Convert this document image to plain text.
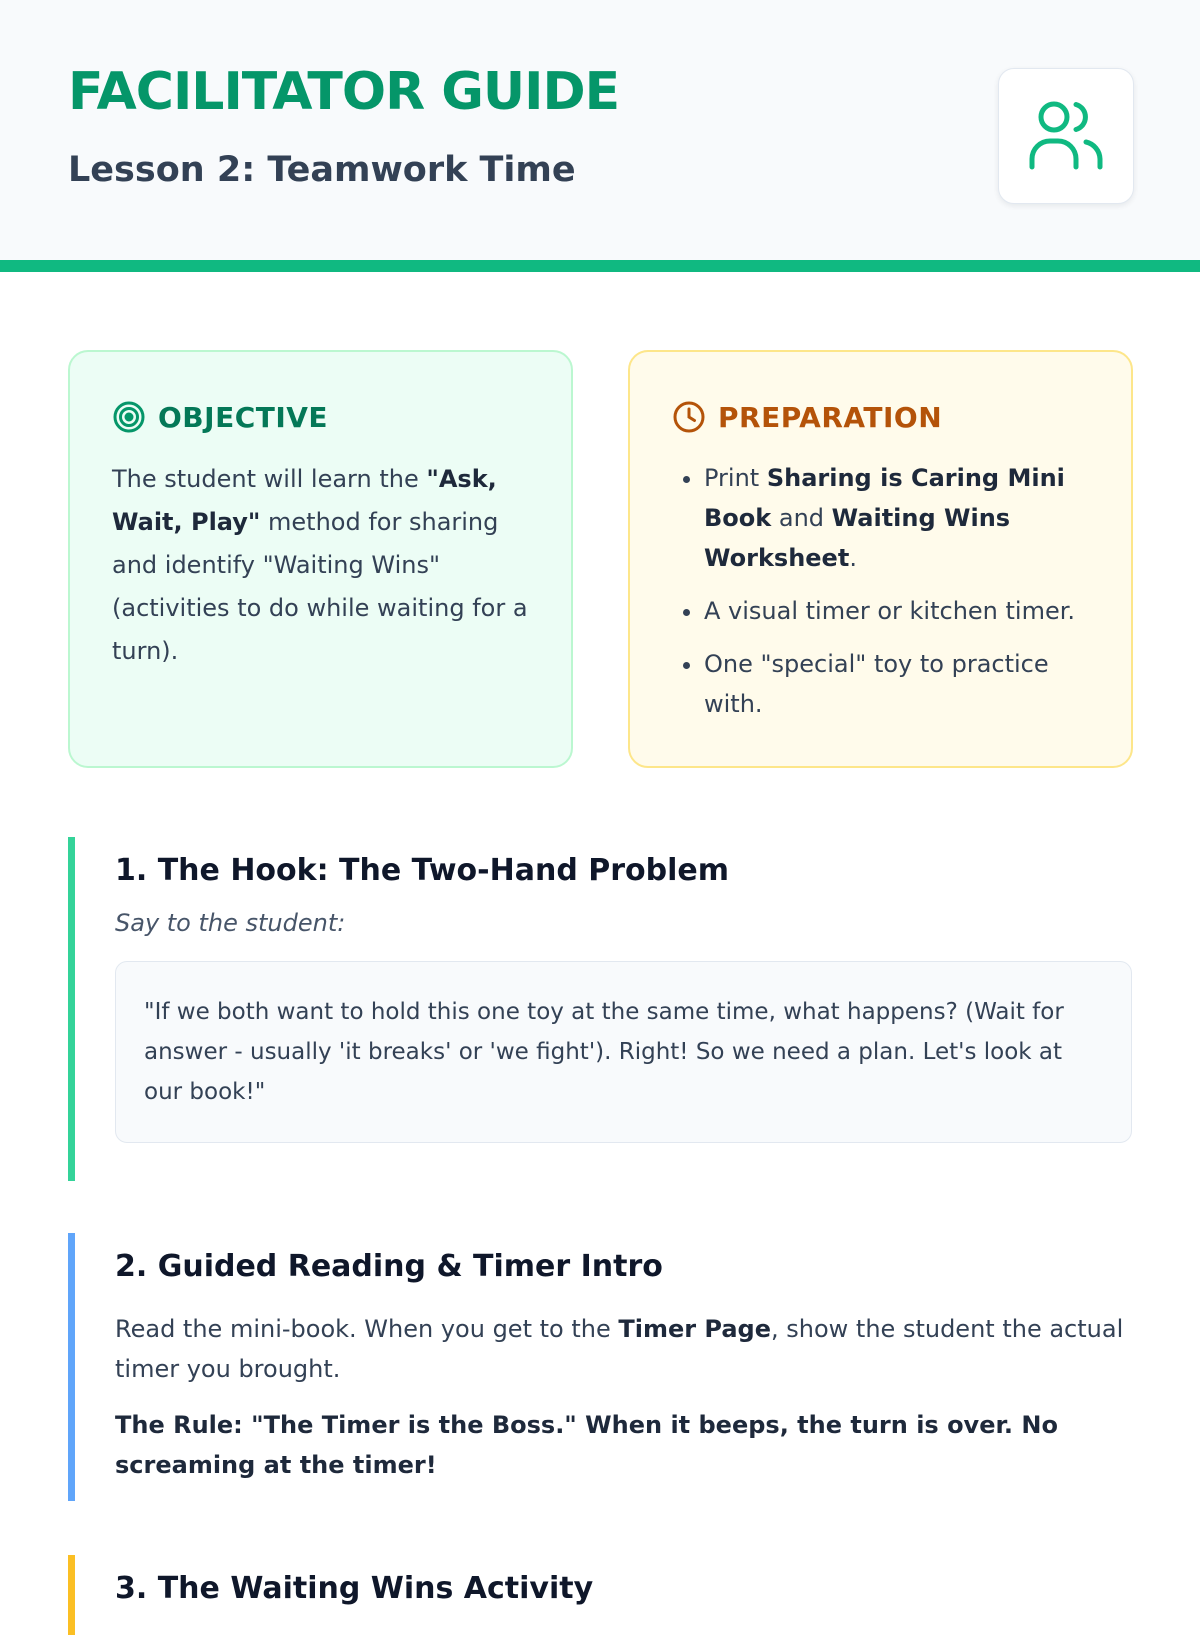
FACILITATOR GUIDE
Lesson 2: Teamwork Time
OBJECTIVE

The student will learn the "Ask, Wait, Play" method for sharing and identify "Waiting Wins" (activities to do while waiting for a turn).

PREPARATION
• Print Sharing is Caring Mini Book and Waiting Wins Worksheet.
• A visual timer or kitchen timer.
• One "special" toy to practice with.
1. The Hook: The Two-Hand Problem

Say to the student:

"If we both want to hold this one toy at the same time, what happens? (Wait for answer - usually 'it breaks' or 'we fight'). Right! So we need a plan. Let's look at our book!"
2. Guided Reading & Timer Intro

Read the mini-book. When you get to the Timer Page, show the student the actual timer you brought.

The Rule: "The Timer is the Boss." When it beeps, the turn is over. No screaming at the timer!

3. The Waiting Wins Activity
